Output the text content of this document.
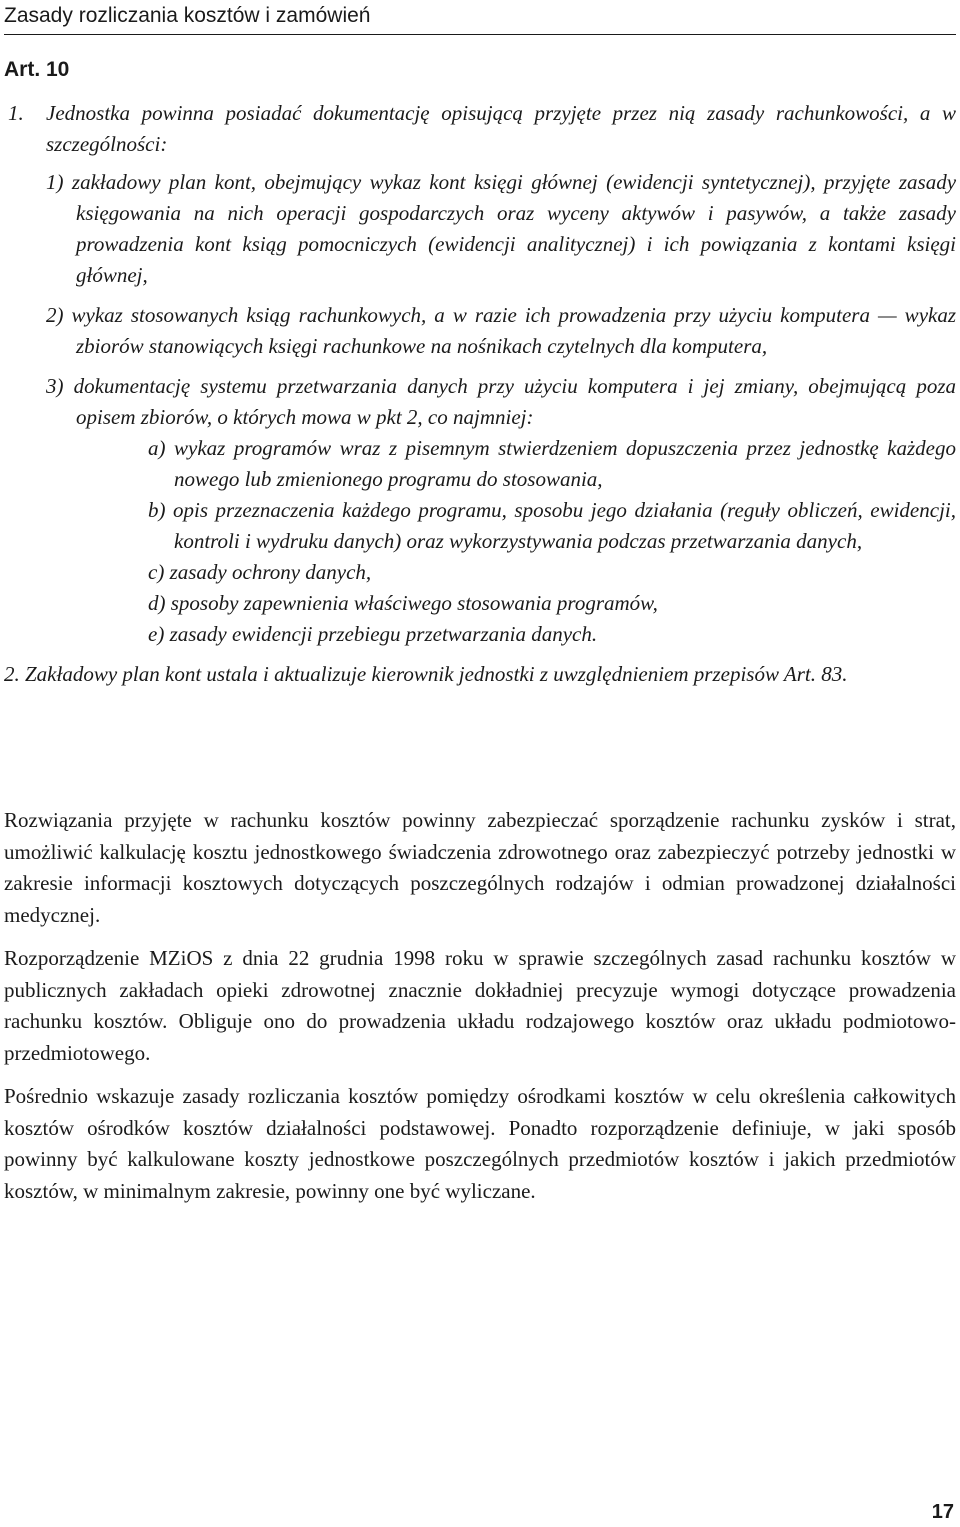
Zasady rozliczania kosztów i zamówień
Art. 10

1. Jednostka powinna posiadać dokumentację opisującą przyjęte przez nią zasady rachunkowości, a w szczególności:

1) zakładowy plan kont, obejmujący wykaz kont księgi głównej (ewidencji syntetycznej), przyjęte zasady księgowania na nich operacji gospodarczych oraz wyceny aktywów i pasywów, a także zasady prowadzenia kont ksiąg pomocniczych (ewidencji analitycznej) i ich powiązania z kontami księgi głównej,
2) wykaz stosowanych ksiąg rachunkowych, a w razie ich prowadzenia przy użyciu komputera — wykaz zbiorów stanowiących księgi rachunkowe na nośnikach czytelnych dla komputera,
3) dokumentację systemu przetwarzania danych przy użyciu komputera i jej zmiany, obejmującą poza opisem zbiorów, o których mowa w pkt 2, co najmniej:
a) wykaz programów wraz z pisemnym stwierdzeniem dopuszczenia przez jednostkę każdego nowego lub zmienionego programu do stosowania,
b) opis przeznaczenia każdego programu, sposobu jego działania (reguły obliczeń, ewidencji, kontroli i wydruku danych) oraz wykorzystywania podczas przetwarzania danych,
c) zasady ochrony danych,
d) sposoby zapewnienia właściwego stosowania programów,
e) zasady ewidencji przebiegu przetwarzania danych.

2. Zakładowy plan kont ustala i aktualizuje kierownik jednostki z uwzględnieniem przepisów Art. 83.

Rozwiązania przyjęte w rachunku kosztów powinny zabezpieczać sporządzenie rachunku zysków i strat, umożliwić kalkulację kosztu jednostkowego świadczenia zdrowotnego oraz zabezpieczyć potrzeby jednostki w zakresie informacji kosztowych dotyczących poszczególnych rodzajów i odmian prowadzonej działalności medycznej.

Rozporządzenie MZiOS z dnia 22 grudnia 1998 roku w sprawie szczególnych zasad rachunku kosztów w publicznych zakładach opieki zdrowotnej znacznie dokładniej precyzuje wymogi dotyczące prowadzenia rachunku kosztów. Obliguje ono do prowadzenia układu rodzajowego kosztów oraz układu podmiotowo-przedmiotowego.

Pośrednio wskazuje zasady rozliczania kosztów pomiędzy ośrodkami kosztów w celu określenia całkowitych kosztów ośrodków kosztów działalności podstawowej. Ponadto rozporządzenie definiuje, w jaki sposób powinny być kalkulowane koszty jednostkowe poszczególnych przedmiotów kosztów i jakich przedmiotów kosztów, w minimalnym zakresie, powinny one być wyliczane.

17
